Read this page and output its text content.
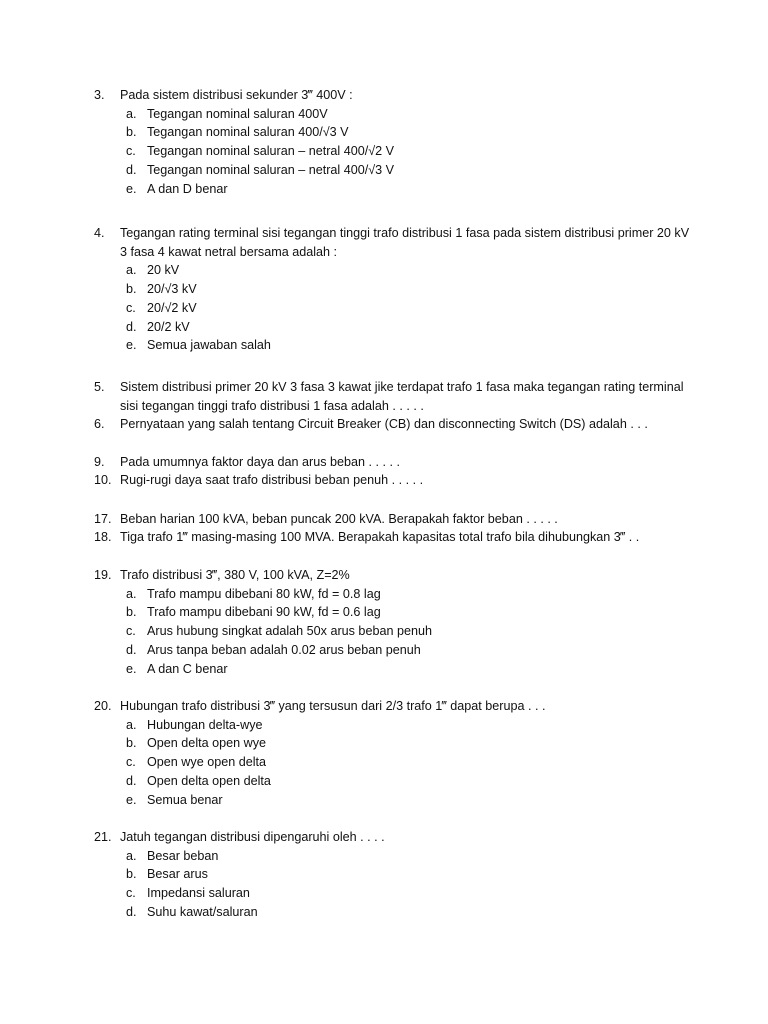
3. Pada sistem distribusi sekunder 3‴ 400V :
a. Tegangan nominal saluran 400V
b. Tegangan nominal saluran 400/√3 V
c. Tegangan nominal saluran – netral 400/√2 V
d. Tegangan nominal saluran – netral 400/√3 V
e. A dan D benar
4. Tegangan rating terminal sisi tegangan tinggi trafo distribusi 1 fasa pada sistem distribusi primer 20 kV 3 fasa 4 kawat netral bersama adalah :
a. 20 kV
b. 20/√3 kV
c. 20/√2 kV
d. 20/2 kV
e. Semua jawaban salah
5. Sistem distribusi primer 20 kV 3 fasa 3 kawat jike terdapat trafo 1 fasa maka tegangan rating terminal sisi tegangan tinggi trafo distribusi 1 fasa adalah . . . . .
6. Pernyataan yang salah tentang Circuit Breaker (CB) dan disconnecting Switch (DS) adalah . . .
9. Pada umumnya faktor daya dan arus beban . . . . .
10. Rugi-rugi daya saat trafo distribusi beban penuh . . . . .
17. Beban harian 100 kVA, beban puncak 200 kVA. Berapakah faktor beban . . . . .
18. Tiga trafo 1‴ masing-masing 100 MVA. Berapakah kapasitas total trafo bila dihubungkan 3‴ . .
19. Trafo distribusi 3‴, 380 V, 100 kVA, Z=2%
a. Trafo mampu dibebani 80 kW, fd = 0.8 lag
b. Trafo mampu dibebani 90 kW, fd = 0.6 lag
c. Arus hubung singkat adalah 50x arus beban penuh
d. Arus tanpa beban adalah 0.02 arus beban penuh
e. A dan C benar
20. Hubungan trafo distribusi 3‴ yang tersusun dari 2/3 trafo 1‴ dapat berupa . . .
a. Hubungan delta-wye
b. Open delta open wye
c. Open wye open delta
d. Open delta open delta
e. Semua benar
21. Jatuh tegangan distribusi dipengaruhi oleh . . . .
a. Besar beban
b. Besar arus
c. Impedansi saluran
d. Suhu kawat/saluran
